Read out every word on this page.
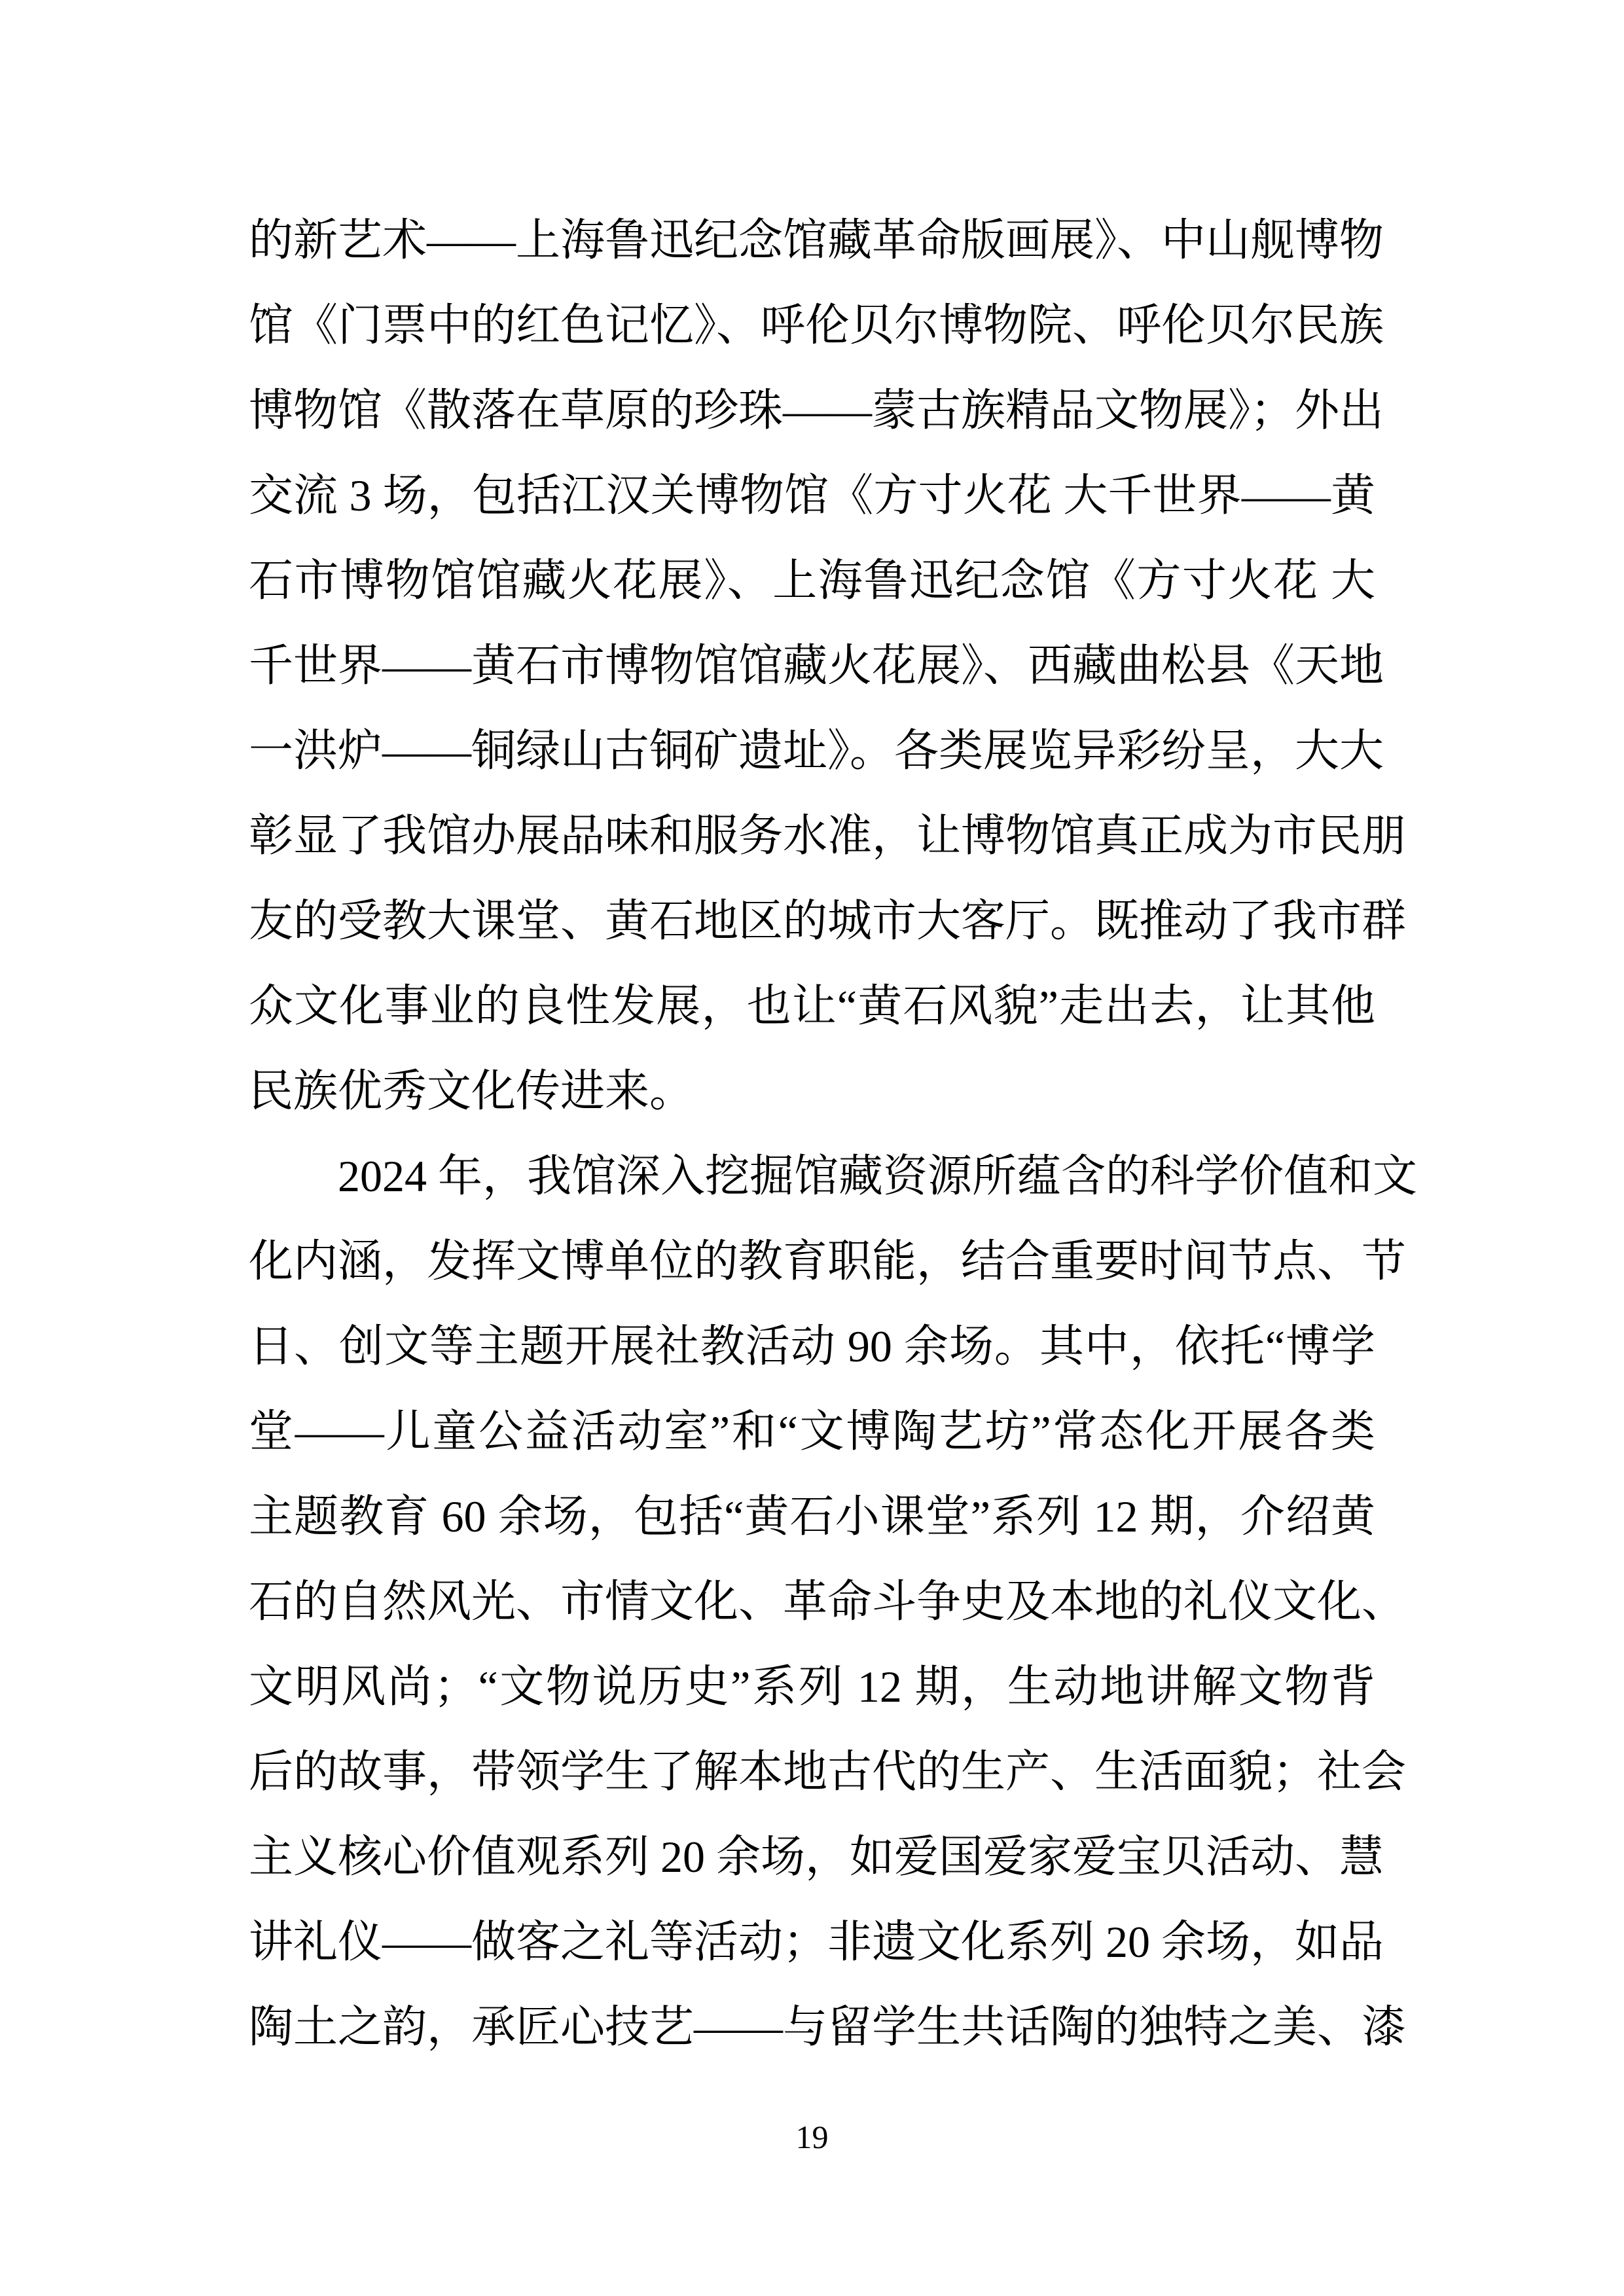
的新艺术——上海鲁迅纪念馆藏革命版画展》、中山舰博物
馆《门票中的红色记忆》、呼伦贝尔博物院、呼伦贝尔民族
博物馆《散落在草原的珍珠——蒙古族精品文物展》；外出
交流 3 场，包括江汉关博物馆《方寸火花 大千世界——黄
石市博物馆馆藏火花展》、上海鲁迅纪念馆《方寸火花 大
千世界——黄石市博物馆馆藏火花展》、西藏曲松县《天地
一洪炉——铜绿山古铜矿遗址》。各类展览异彩纷呈，大大
彰显了我馆办展品味和服务水准，让博物馆真正成为市民朋
友的受教大课堂、黄石地区的城市大客厅。既推动了我市群
众文化事业的良性发展，也让“黄石风貌”走出去，让其他
民族优秀文化传进来。
2024 年，我馆深入挖掘馆藏资源所蕴含的科学价值和文
化内涵，发挥文博单位的教育职能，结合重要时间节点、节
日、创文等主题开展社教活动 90 余场。其中，依托“博学
堂——儿童公益活动室”和“文博陶艺坊”常态化开展各类
主题教育 60 余场，包括“黄石小课堂”系列 12 期，介绍黄
石的自然风光、市情文化、革命斗争史及本地的礼仪文化、
文明风尚；“文物说历史”系列 12 期，生动地讲解文物背
后的故事，带领学生了解本地古代的生产、生活面貌；社会
主义核心价值观系列 20 余场，如爱国爱家爱宝贝活动、慧
讲礼仪——做客之礼等活动；非遗文化系列 20 余场，如品
陶土之韵，承匠心技艺——与留学生共话陶的独特之美、漆
19
